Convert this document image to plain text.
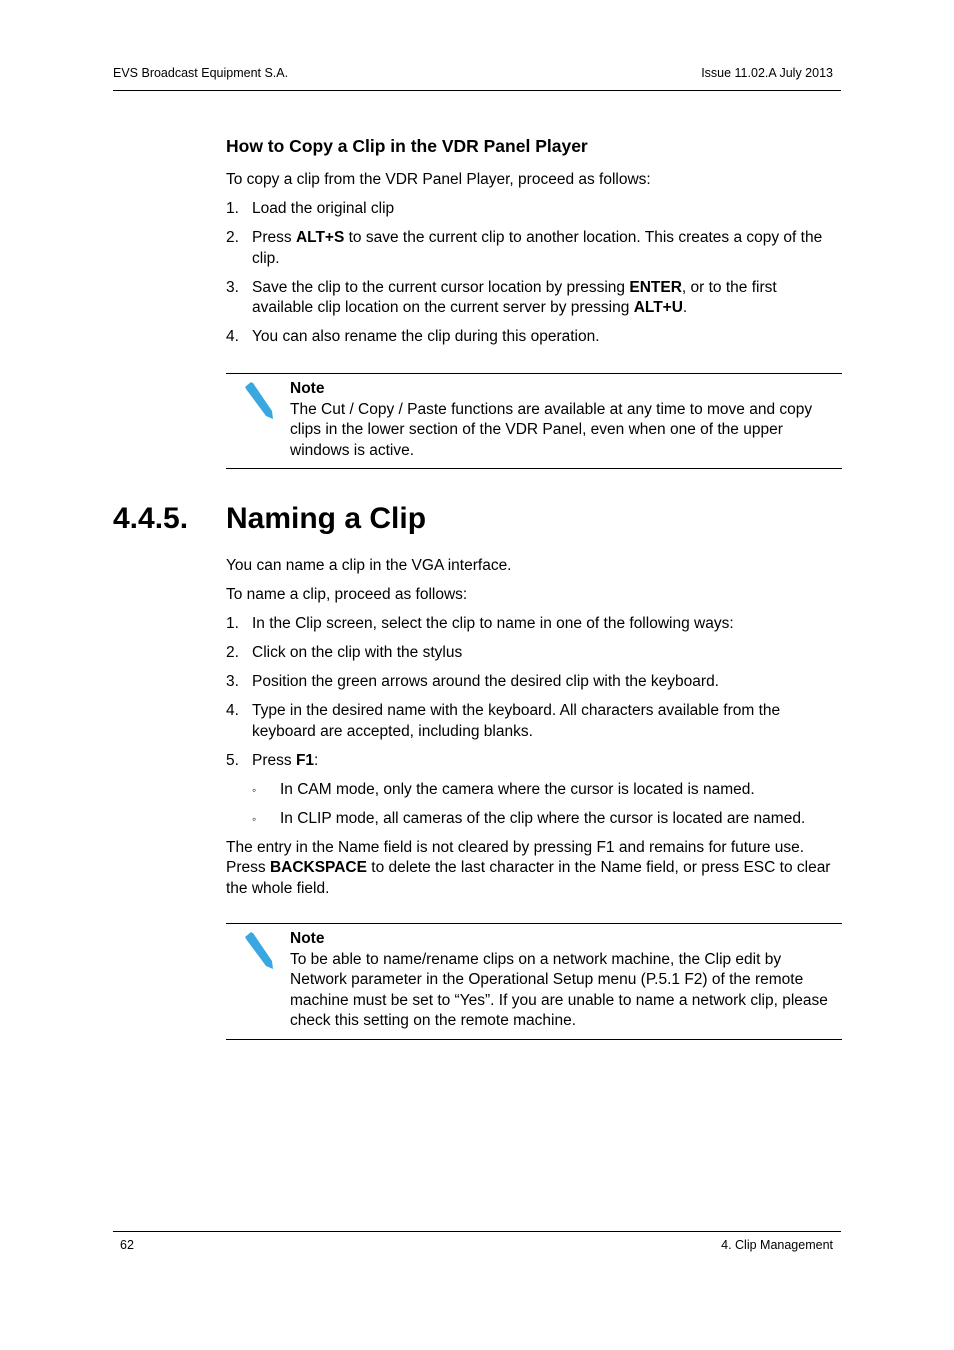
EVS Broadcast Equipment S.A.	Issue 11.02.A July 2013
How to Copy a Clip in the VDR Panel Player

To copy a clip from the VDR Panel Player, proceed as follows:

1. Load the original clip
2. Press ALT+S to save the current clip to another location. This creates a copy of the clip.
3. Save the clip to the current cursor location by pressing ENTER, or to the first available clip location on the current server by pressing ALT+U.
4. You can also rename the clip during this operation.
Note
The Cut / Copy / Paste functions are available at any time to move and copy clips in the lower section of the VDR Panel, even when one of the upper windows is active.
4.4.5. Naming a Clip

You can name a clip in the VGA interface.

To name a clip, proceed as follows:

1. In the Clip screen, select the clip to name in one of the following ways:
2. Click on the clip with the stylus
3. Position the green arrows around the desired clip with the keyboard.
4. Type in the desired name with the keyboard. All characters available from the keyboard are accepted, including blanks.
5. Press F1:
◦ In CAM mode, only the camera where the cursor is located is named.
◦ In CLIP mode, all cameras of the clip where the cursor is located are named.

The entry in the Name field is not cleared by pressing F1 and remains for future use. Press BACKSPACE to delete the last character in the Name field, or press ESC to clear the whole field.

Note
To be able to name/rename clips on a network machine, the Clip edit by Network parameter in the Operational Setup menu (P.5.1 F2) of the remote machine must be set to “Yes”. If you are unable to name a network clip, please check this setting on the remote machine.
62	4. Clip Management
